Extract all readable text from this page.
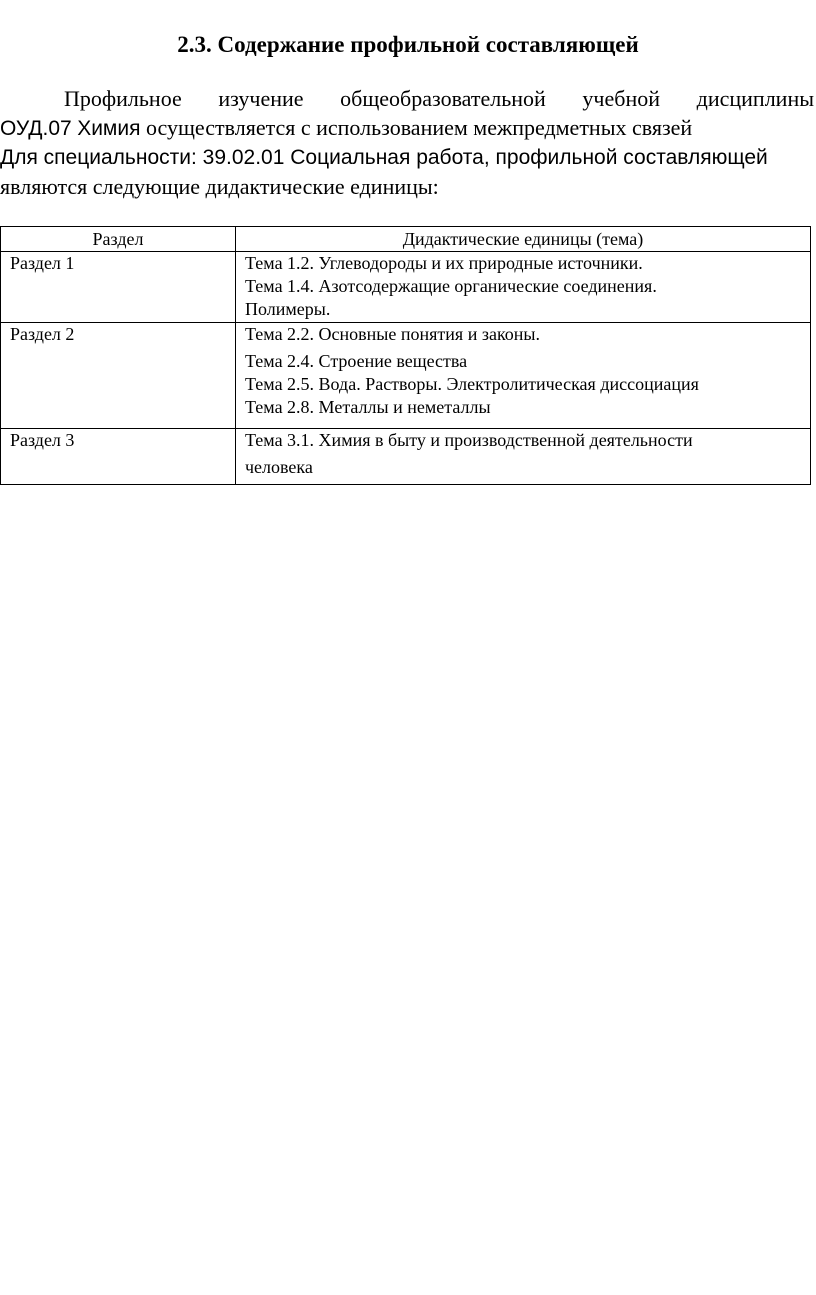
2.3. Содержание профильной составляющей
Профильное изучение общеобразовательной учебной дисциплины
ОУД.07 Химия осуществляется с использованием межпредметных связей
Для специальности: 39.02.01 Социальная работа, профильной составляющей
являются следующие дидактические единицы:
Раздел	Дидактические единицы (тема)
Раздел 1	Тема 1.2. Углеводороды и их природные источники.
Тема 1.4. Азотсодержащие органические соединения.
Полимеры.

Раздел 2	Тема 2.2. Основные понятия и законы.
Тема 2.4. Строение вещества
Тема 2.5. Вода. Растворы. Электролитическая диссоциация
Тема 2.8. Металлы и неметаллы

Раздел 3	Тема 3.1. Химия в быту и производственной деятельности
человека
